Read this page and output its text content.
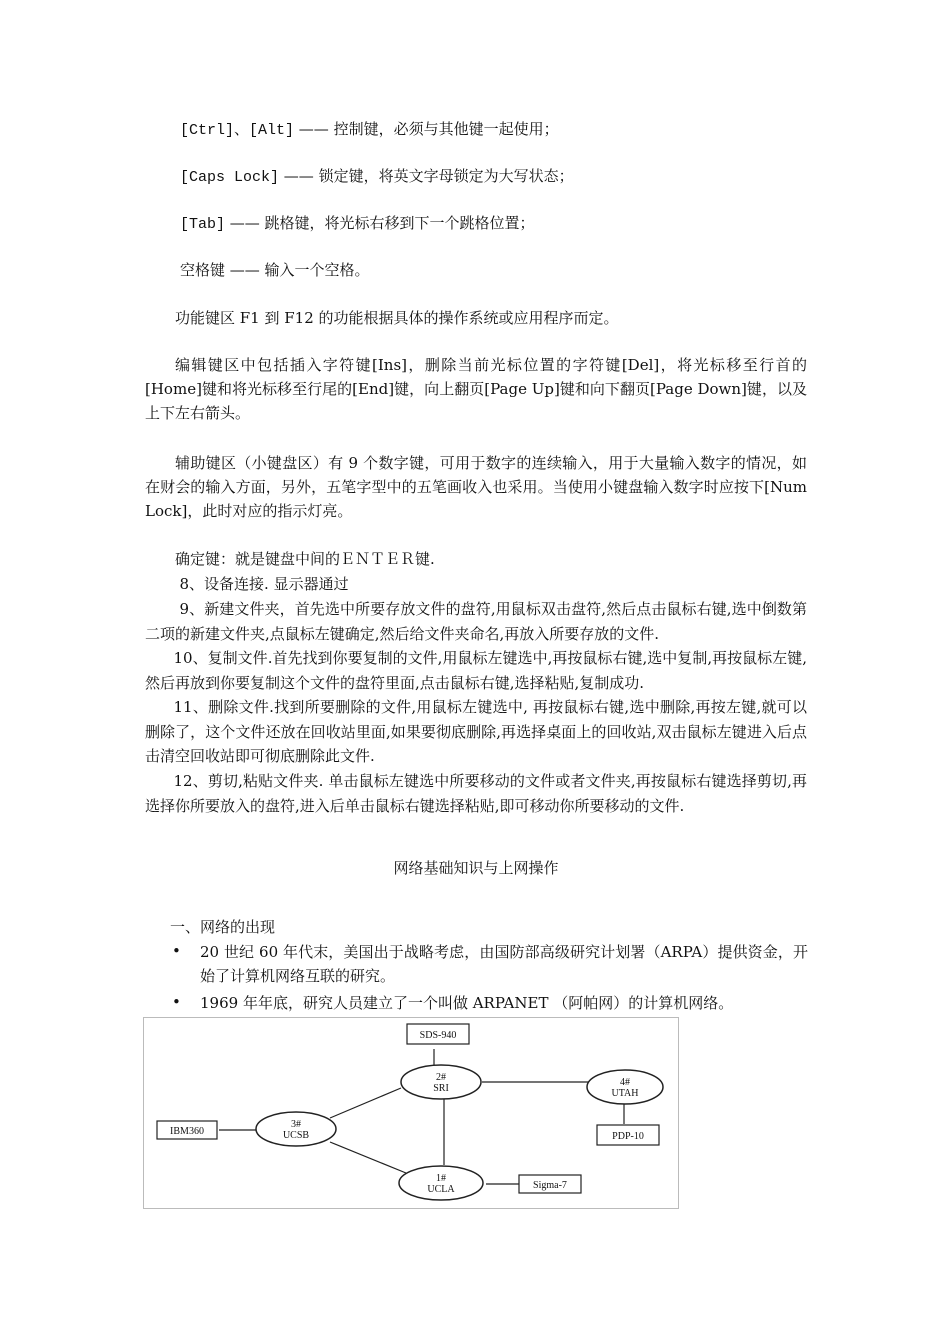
[Ctrl]、[Alt] —— 控制键，必须与其他键一起使用；
[Caps Lock] —— 锁定键，将英文字母锁定为大写状态；
[Tab] —— 跳格键，将光标右移到下一个跳格位置；
空格键 —— 输入一个空格。
功能键区 F1 到 F12 的功能根据具体的操作系统或应用程序而定。
编辑键区中包括插入字符键[Ins]，删除当前光标位置的字符键[Del]，将光标移至行首的[Home]键和将光标移至行尾的[End]键，向上翻页[Page Up]键和向下翻页[Page Down]键，以及上下左右箭头。
辅助键区（小键盘区）有 9 个数字键，可用于数字的连续输入，用于大量输入数字的情况，如在财会的输入方面，另外，五笔字型中的五笔画收入也采用。当使用小键盘输入数字时应按下[Num Lock]，此时对应的指示灯亮。
确定键：就是键盘中间的ＥＮＴＥＲ键.
8、设备连接. 显示器通过
9、新建文件夹，首先选中所要存放文件的盘符,用鼠标双击盘符,然后点击鼠标右键,选中倒数第二项的新建文件夹,点鼠标左键确定,然后给文件夹命名,再放入所要存放的文件.
10、复制文件.首先找到你要复制的文件,用鼠标左键选中,再按鼠标右键,选中复制,再按鼠标左键,然后再放到你要复制这个文件的盘符里面,点击鼠标右键,选择粘贴,复制成功.
11、删除文件.找到所要删除的文件,用鼠标左键选中, 再按鼠标右键,选中删除,再按左键,就可以删除了，这个文件还放在回收站里面,如果要彻底删除,再选择桌面上的回收站,双击鼠标左键进入后点击清空回收站即可彻底删除此文件.
12、剪切,粘贴文件夹. 单击鼠标左键选中所要移动的文件或者文件夹,再按鼠标右键选择剪切,再选择你所要放入的盘符,进入后单击鼠标右键选择粘贴,即可移动你所要移动的文件.
网络基础知识与上网操作
一、网络的出现
• 20 世纪 60 年代末，美国出于战略考虑，由国防部高级研究计划署（ARPA）提供资金，开始了计算机网络互联的研究。
• 1969 年年底，研究人员建立了一个叫做 ARPANET （阿帕网）的计算机网络。
SDS-940
PDP-10
IBM360
Sigma-7
2#
SRI
4#
UTAH
3#
UCSB
1#
UCLA
